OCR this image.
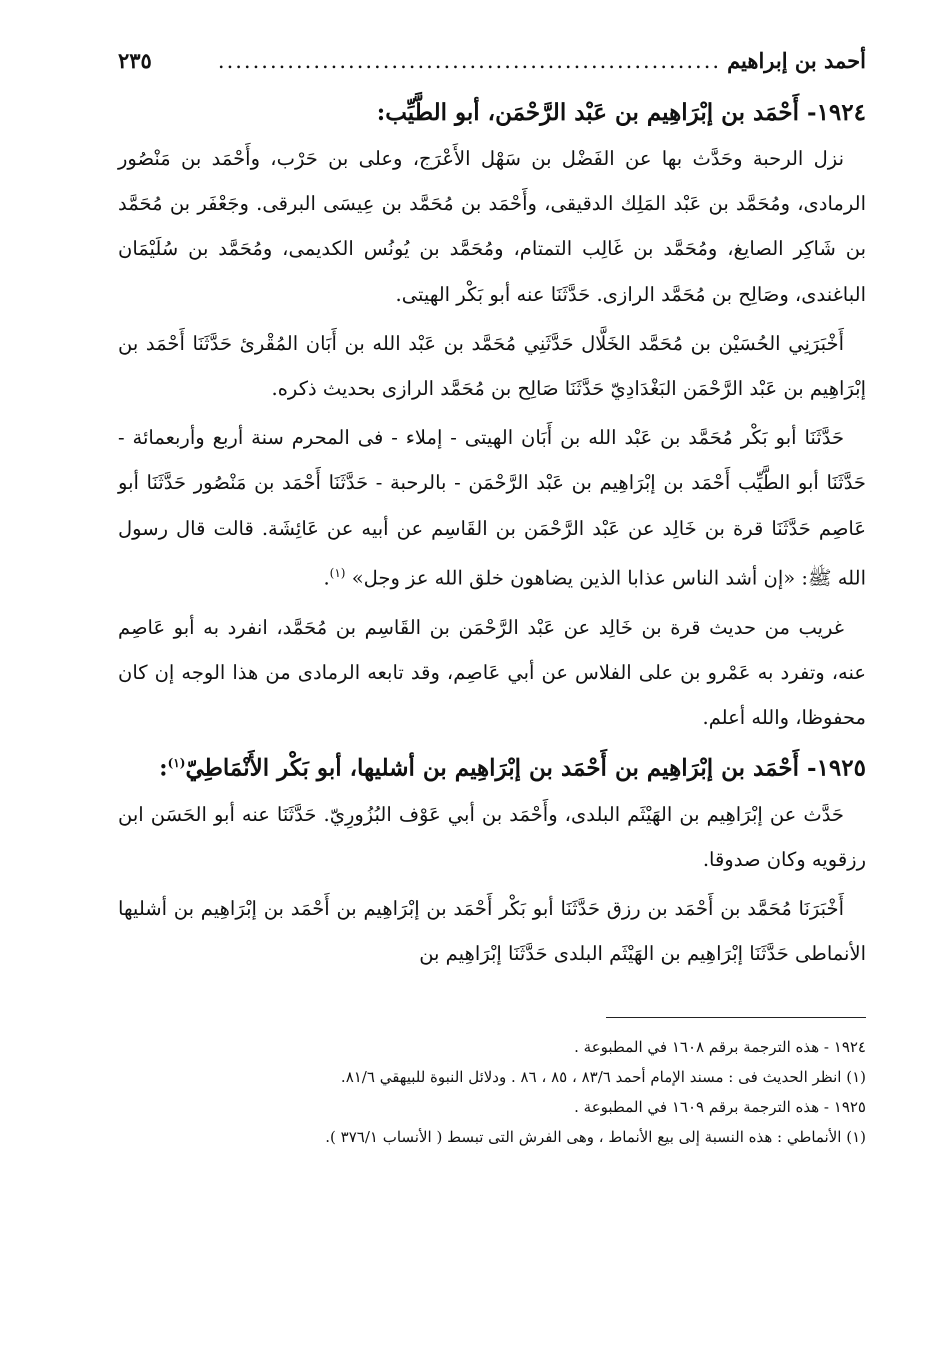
أحمد بن إبراهيم
..........................................................
٢٣٥

١٩٢٤- أَحْمَد بن إبْرَاهِيم بن عَبْد الرَّحْمَن، أبو الطَّيِّب:

نزل الرحبة وحَدَّث بها عن الفَضْل بن سَهْل الأَعْرَج، وعلى بن حَرْب، وأَحْمَد بن مَنْصُور الرمادى، ومُحَمَّد بن عَبْد المَلِك الدقيقى، وأَحْمَد بن مُحَمَّد بن عِيسَى البرقى. وجَعْفَر بن مُحَمَّد بن شَاكِر الصايغ، ومُحَمَّد بن غَالِب التمتام، ومُحَمَّد بن يُونُس الكديمى، ومُحَمَّد بن سُلَيْمَان الباغندى، وصَالِح بن مُحَمَّد الرازى. حَدَّثَنَا عنه أبو بَكْر الهيتى.

أَخْبَرَنِي الحُسَيْن بن مُحَمَّد الخَلَّال حَدَّثَنِي مُحَمَّد بن عَبْد الله بن أَبَان المُقْرئ حَدَّثَنَا أَحْمَد بن إبْرَاهِيم بن عَبْد الرَّحْمَن البَغْدَادِيّ حَدَّثَنَا صَالِح بن مُحَمَّد الرازى بحديث ذكره.

حَدَّثَنَا أبو بَكْر مُحَمَّد بن عَبْد الله بن أَبَان الهيتى - إملاء - فى المحرم سنة أربع وأربعمائة - حَدَّثَنَا أبو الطَّيِّب أَحْمَد بن إبْرَاهِيم بن عَبْد الرَّحْمَن - بالرحبة - حَدَّثَنَا أَحْمَد بن مَنْصُور حَدَّثَنَا أبو عَاصِم حَدَّثَنَا قرة بن خَالِد عن عَبْد الرَّحْمَن بن القَاسِم عن أبيه عن عَائِشَة. قالت قال رسول الله ﷺ: «إن أشد الناس عذابا الذين يضاهون خلق الله عز وجل» $^{(١)}$.

غريب من حديث قرة بن خَالِد عن عَبْد الرَّحْمَن بن القَاسِم بن مُحَمَّد، انفرد به أبو عَاصِم عنه، وتفرد به عَمْرو بن على الفلاس عن أبي عَاصِم، وقد تابعه الرمادى من هذا الوجه إن كان محفوظا، والله أعلم.

١٩٢٥- أَحْمَد بن إبْرَاهِيم بن أَحْمَد بن إبْرَاهِيم بن أشليها، أبو بَكْر الأَنْمَاطِيّ$^{(١)}$:

حَدَّث عن إبْرَاهِيم بن الهَيْثَم البلدى، وأَحْمَد بن أبي عَوْف البُزُورِيّ. حَدَّثَنَا عنه أبو الحَسَن ابن رزقويه وكان صدوقا.

أَخْبَرَنَا مُحَمَّد بن أَحْمَد بن رزق حَدَّثَنَا أبو بَكْر أَحْمَد بن إبْرَاهِيم بن أَحْمَد بن إبْرَاهِيم بن أشليها الأنماطى حَدَّثَنَا إبْرَاهِيم بن الهَيْثَم البلدى حَدَّثَنَا إبْرَاهِيم بن

١٩٢٤ - هذه الترجمة برقم ١٦٠٨ في المطبوعة .

(١) انظر الحديث فى : مسند الإمام أحمد ٨٣/٦ ، ٨٥ ، ٨٦ . ودلائل النبوة للبيهقي ٨١/٦.

١٩٢٥ - هذه الترجمة برقم ١٦٠٩ في المطبوعة .

(١) الأنماطي : هذه النسبة إلى بيع الأنماط ، وهى الفرش التى تبسط ( الأنساب ٣٧٦/١ ).
